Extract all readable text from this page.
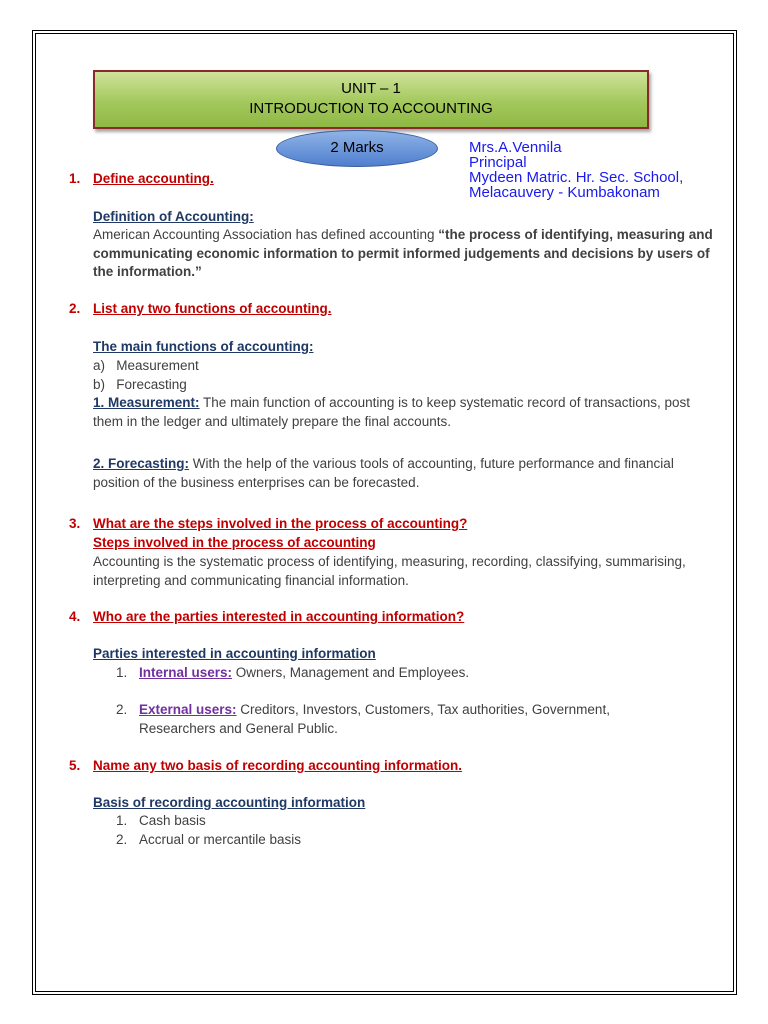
UNIT – 1
INTRODUCTION TO ACCOUNTING
2 Marks	Mrs.A.Vennila
Principal
Mydeen Matric. Hr. Sec. School,
Melacauvery - Kumbakonam
1. Define accounting.
Definition of Accounting:
American Accounting Association has defined accounting “the process of identifying, measuring and communicating economic information to permit informed judgements and decisions by users of the information.”
2. List any two functions of accounting.
The main functions of accounting:
a)   Measurement
b)   Forecasting
1. Measurement: The main function of accounting is to keep systematic record of transactions, post them in the ledger and ultimately prepare the final accounts.
2. Forecasting: With the help of the various tools of accounting, future performance and financial position of the business enterprises can be forecasted.
3. What are the steps involved in the process of accounting?
Steps involved in the process of accounting
Accounting is the systematic process of identifying, measuring, recording, classifying, summarising, interpreting and communicating financial information.
4. Who are the parties interested in accounting information?
Parties interested in accounting information
1. Internal users: Owners, Management and Employees.
2. External users: Creditors, Investors, Customers, Tax authorities, Government, Researchers and General Public.
5. Name any two basis of recording accounting information.
Basis of recording accounting information
1. Cash basis
2. Accrual or mercantile basis
